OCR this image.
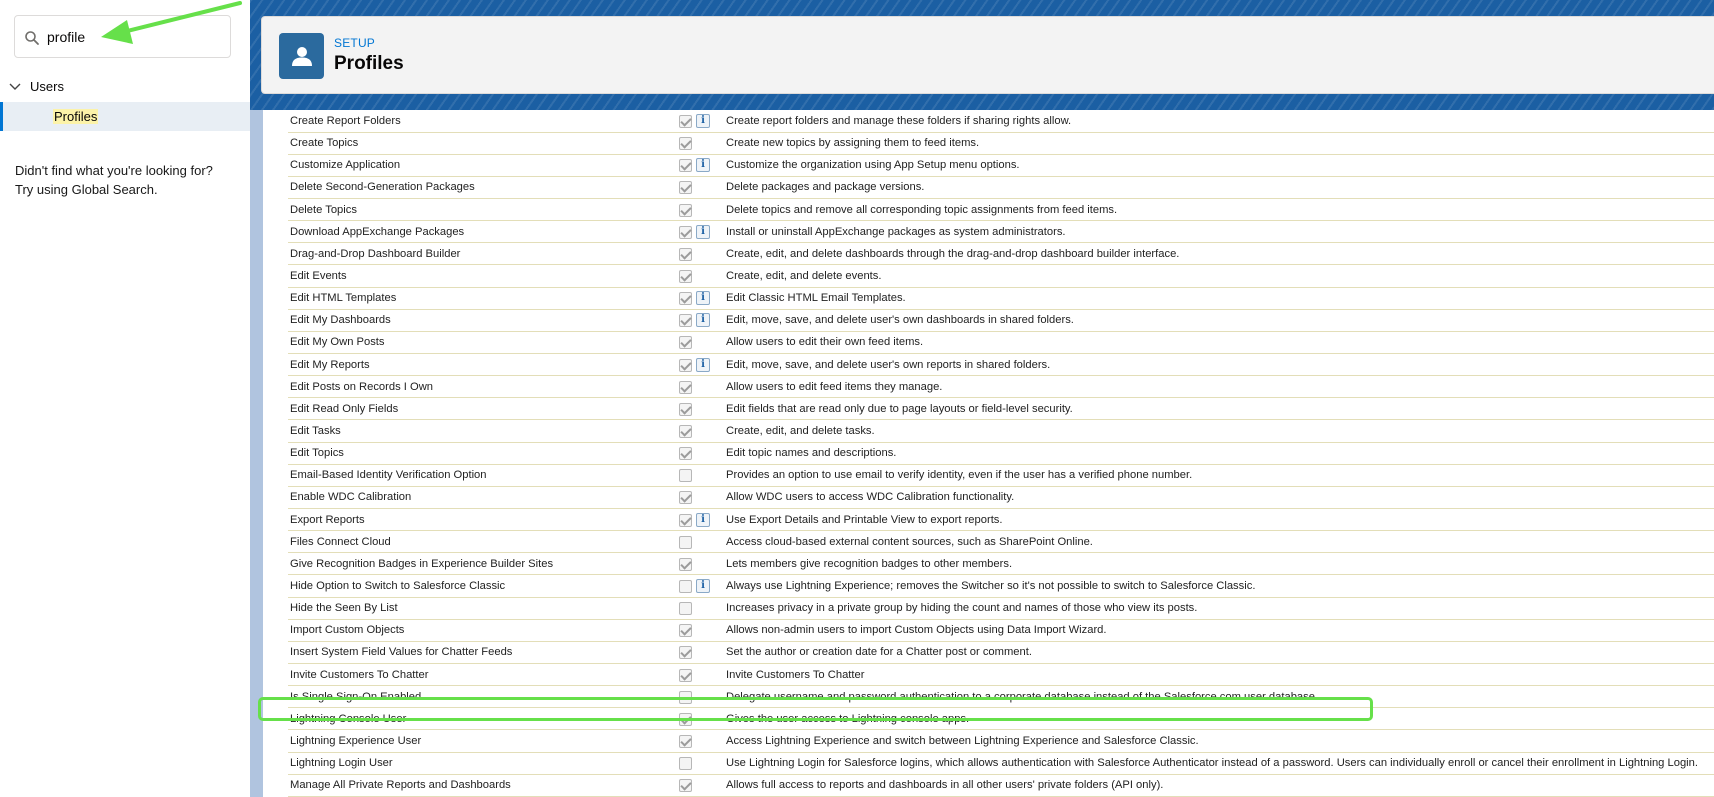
profile
Users
Profiles
Didn't find what you're looking for?
Try using Global Search.
SETUP
Profiles
Create Report Folders	i	Create report folders and manage these folders if sharing rights allow.
Create Topics		Create new topics by assigning them to feed items.
Customize Application	i	Customize the organization using App Setup menu options.
Delete Second-Generation Packages		Delete packages and package versions.
Delete Topics		Delete topics and remove all corresponding topic assignments from feed items.
Download AppExchange Packages	i	Install or uninstall AppExchange packages as system administrators.
Drag-and-Drop Dashboard Builder		Create, edit, and delete dashboards through the drag-and-drop dashboard builder interface.
Edit Events		Create, edit, and delete events.
Edit HTML Templates	i	Edit Classic HTML Email Templates.
Edit My Dashboards	i	Edit, move, save, and delete user's own dashboards in shared folders.
Edit My Own Posts		Allow users to edit their own feed items.
Edit My Reports	i	Edit, move, save, and delete user's own reports in shared folders.
Edit Posts on Records I Own		Allow users to edit feed items they manage.
Edit Read Only Fields		Edit fields that are read only due to page layouts or field-level security.
Edit Tasks		Create, edit, and delete tasks.
Edit Topics		Edit topic names and descriptions.
Email-Based Identity Verification Option		Provides an option to use email to verify identity, even if the user has a verified phone number.
Enable WDC Calibration		Allow WDC users to access WDC Calibration functionality.
Export Reports	i	Use Export Details and Printable View to export reports.
Files Connect Cloud		Access cloud-based external content sources, such as SharePoint Online.
Give Recognition Badges in Experience Builder Sites		Lets members give recognition badges to other members.
Hide Option to Switch to Salesforce Classic	i	Always use Lightning Experience; removes the Switcher so it's not possible to switch to Salesforce Classic.
Hide the Seen By List		Increases privacy in a private group by hiding the count and names of those who view its posts.
Import Custom Objects		Allows non-admin users to import Custom Objects using Data Import Wizard.
Insert System Field Values for Chatter Feeds		Set the author or creation date for a Chatter post or comment.
Invite Customers To Chatter		Invite Customers To Chatter
Is Single Sign-On Enabled		Delegate username and password authentication to a corporate database instead of the Salesforce.com user database.
Lightning Console User		Gives the user access to Lightning console apps.
Lightning Experience User		Access Lightning Experience and switch between Lightning Experience and Salesforce Classic.
Lightning Login User		Use Lightning Login for Salesforce logins, which allows authentication with Salesforce Authenticator instead of a password. Users can individually enroll or cancel their enrollment in Lightning Login.
Manage All Private Reports and Dashboards		Allows full access to reports and dashboards in all other users' private folders (API only).
